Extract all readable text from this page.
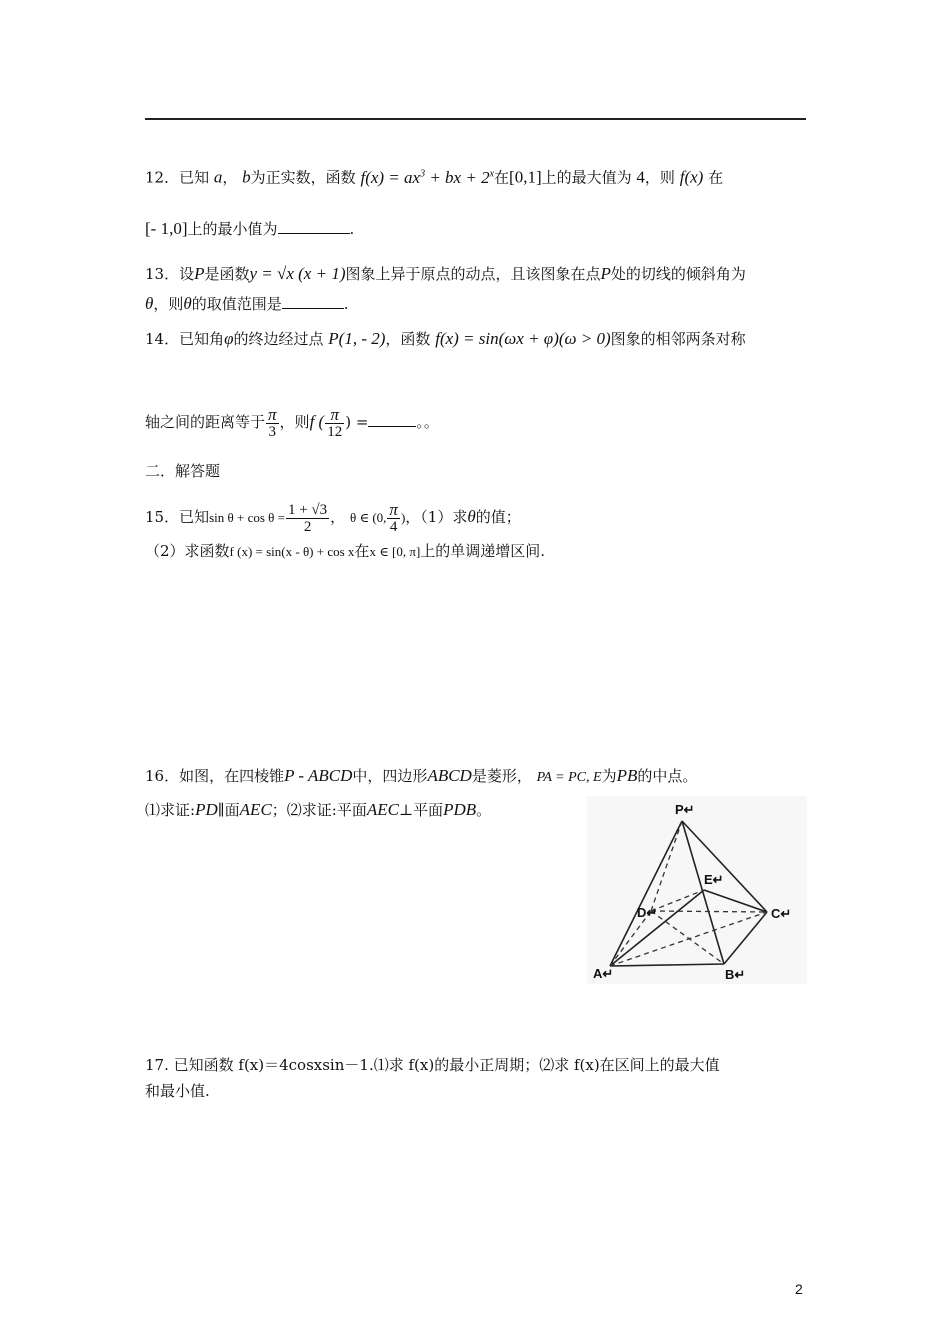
12．已知 a， b为正实数，函数 $f(x) = ax^3$ + bx + $2^x$在[0,1]上的最大值为 4，则 f(x) 在
[- 1,0]上的最小值为	.
13．设P是函数y = √x (x + 1)图象上异于原点的动点，且该图象在点P处的切线的倾斜角为
θ，则θ的取值范围是	.
14．已知角φ的终边经过点 P(1, - 2)，函数 f(x) = sin(ωx + φ)(ω > 0)图象的相邻两条对称
轴之间的距离等于 $\frac{\pi}{3}$ ，则f ( $\frac{\pi}{12}$ ) =	。。
二．解答题
15．已知$\sin \theta + \cos \theta = \frac{1 + √3}{2}$ ， θ ∈ (0, $\frac{\pi}{4}$ )，（1）求θ的值；
（2）求函数f (x) = sin(x - θ) + cos x在x ∈ [0, π]上的单调递增区间.
16．如图，在四棱锥P - ABCD中，四边形ABCD是菱形， PA = PC, E为PB的中点。
⑴求证:PD∥面AEC；⑵求证:平面AEC⊥平面PDB。	P↵
E↵
D↵	C↵
A↵	B↵
17. 已知函数 f(x)＝4cosxsin－1.⑴求 f(x)的最小正周期；⑵求 f(x)在区间上的最大值
和最小值.
2
